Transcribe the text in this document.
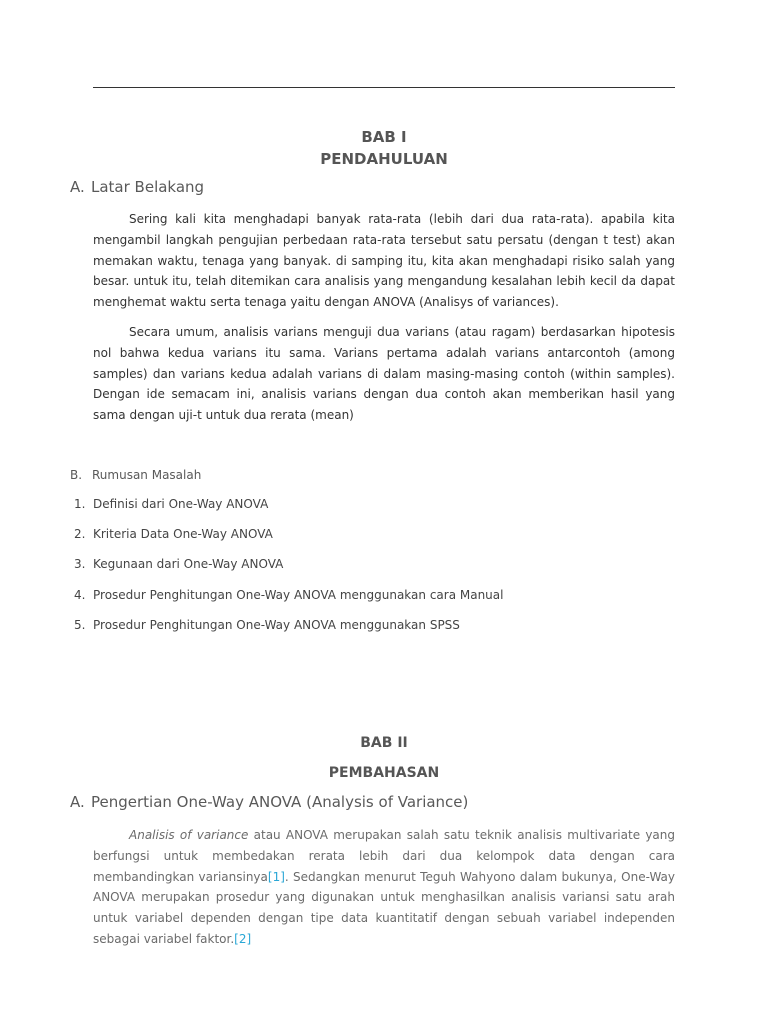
BAB I
PENDAHULUAN
A. Latar Belakang
Sering kali kita menghadapi banyak rata-rata (lebih dari dua rata-rata). apabila kita mengambil langkah pengujian perbedaan rata-rata tersebut satu persatu (dengan t test) akan memakan waktu, tenaga yang banyak. di samping itu, kita akan menghadapi risiko salah yang besar. untuk itu, telah ditemikan cara analisis yang mengandung kesalahan lebih kecil da dapat menghemat waktu serta tenaga yaitu dengan ANOVA (Analisys of variances).
Secara umum, analisis varians menguji dua varians (atau ragam) berdasarkan hipotesis nol bahwa kedua varians itu sama. Varians pertama adalah varians antarcontoh (among samples) dan varians kedua adalah varians di dalam masing-masing contoh (within samples). Dengan ide semacam ini, analisis varians dengan dua contoh akan memberikan hasil yang sama dengan uji-t untuk dua rerata (mean)
B. Rumusan Masalah
1. Definisi dari One-Way ANOVA
2. Kriteria Data One-Way ANOVA
3. Kegunaan dari One-Way ANOVA
4. Prosedur Penghitungan One-Way ANOVA menggunakan cara Manual
5. Prosedur Penghitungan One-Way ANOVA menggunakan SPSS
BAB II
PEMBAHASAN
A. Pengertian One-Way ANOVA (Analysis of Variance)
Analisis of variance atau ANOVA merupakan salah satu teknik analisis multivariate yang berfungsi untuk membedakan rerata lebih dari dua kelompok data dengan cara membandingkan variansinya[1]. Sedangkan menurut Teguh Wahyono dalam bukunya, One-Way ANOVA merupakan prosedur yang digunakan untuk menghasilkan analisis variansi satu arah untuk variabel dependen dengan tipe data kuantitatif dengan sebuah variabel independen sebagai variabel faktor.[2]
